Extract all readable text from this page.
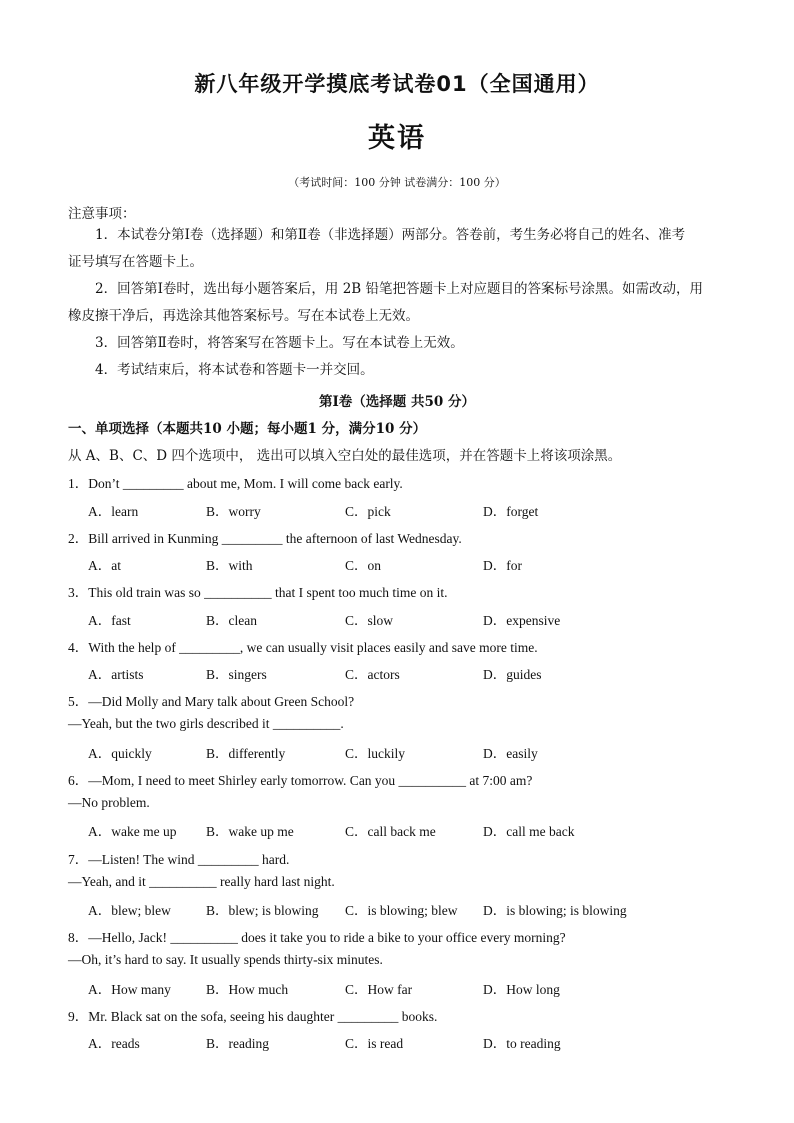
新八年级开学摸底考试卷01（全国通用）
英语
（考试时间：100 分钟 试卷满分：100 分）
注意事项：
1．本试卷分第Ⅰ卷（选择题）和第Ⅱ卷（非选择题）两部分。答卷前，考生务必将自己的姓名、准考
证号填写在答题卡上。
2．回答第Ⅰ卷时，选出每小题答案后，用 2B 铅笔把答题卡上对应题目的答案标号涂黑。如需改动，用
橡皮擦干净后，再选涂其他答案标号。写在本试卷上无效。
3．回答第Ⅱ卷时，将答案写在答题卡上。写在本试卷上无效。
4．考试结束后，将本试卷和答题卡一并交回。
第Ⅰ卷（选择题 共50 分）
一、单项选择（本题共10 小题；每小题1 分，满分10 分）
从 A、B、C、D 四个选项中， 选出可以填入空白处的最佳选项，并在答题卡上将该项涂黑。
1．Don’t _________ about me, Mom. I will come back early.
A．learn	B．worry	C．pick	D．forget
2．Bill arrived in Kunming _________ the afternoon of last Wednesday.
A．at	B．with	C．on	D．for
3．This old train was so __________ that I spent too much time on it.
A．fast	B．clean	C．slow	D．expensive
4．With the help of _________, we can usually visit places easily and save more time.
A．artists	B．singers	C．actors	D．guides
5．—Did Molly and Mary talk about Green School?
—Yeah, but the two girls described it __________.
A．quickly	B．differently	C．luckily	D．easily
6．—Mom, I need to meet Shirley early tomorrow. Can you __________ at 7:00 am?
—No problem.
A．wake me up B．wake up me	C．call back me	D．call me back
7．—Listen! The wind _________ hard.
—Yeah, and it __________ really hard last night.
A．blew; blew	B．blew; is blowing C．is blowing; blew D．is blowing; is blowing
8．—Hello, Jack! __________ does it take you to ride a bike to your office every morning?
—Oh, it’s hard to say. It usually spends thirty-six minutes.
A．How many	B．How much	C．How far	D．How long
9．Mr. Black sat on the sofa, seeing his daughter _________ books.
A．reads	B．reading	C．is read	D．to reading
